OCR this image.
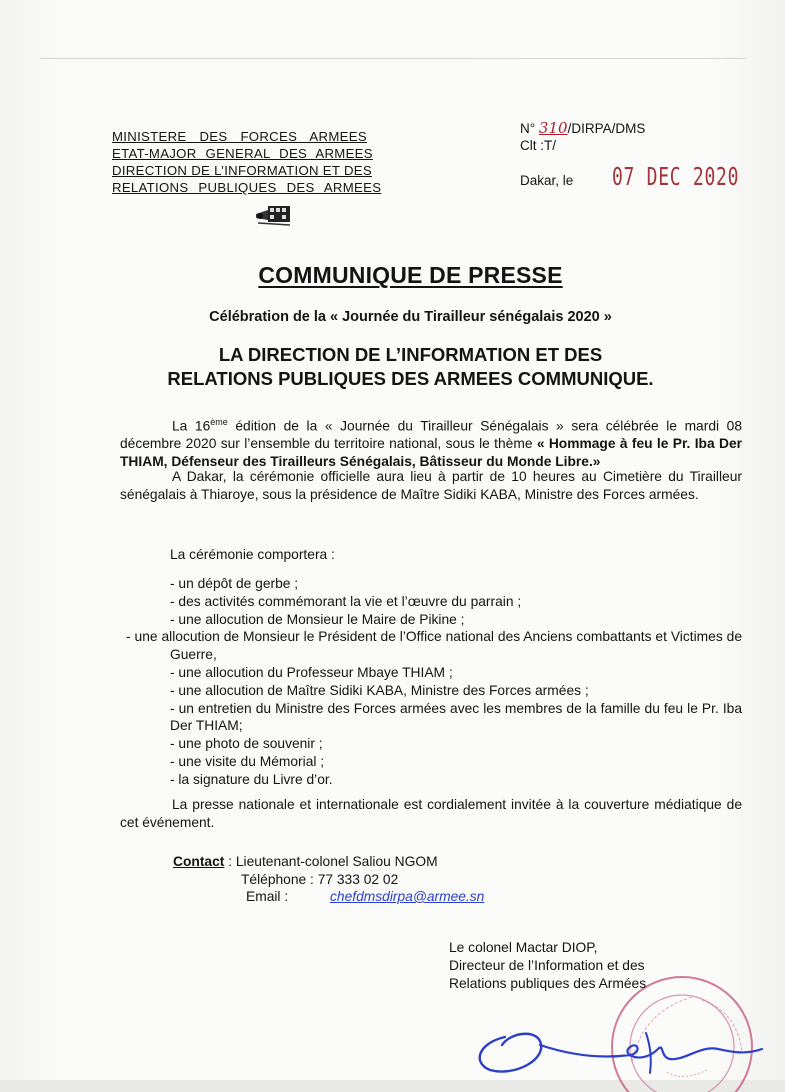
MINISTERE DES FORCES ARMEES

ETAT-MAJOR GENERAL DES ARMEES

DIRECTION DE L’INFORMATION ET DES

RELATIONS PUBLIQUES DES ARMEES

N° 310/DIRPA/DMS
Clt :T/
Dakar, le 07 DEC 2020
COMMUNIQUE DE PRESSE
Célébration de la « Journée du Tirailleur sénégalais 2020 »
LA DIRECTION DE L’INFORMATION ET DES
RELATIONS PUBLIQUES DES ARMEES COMMUNIQUE.
La 16ème édition de la « Journée du Tirailleur Sénégalais » sera célébrée le mardi 08 décembre 2020 sur l’ensemble du territoire national, sous le thème « Hommage à feu le Pr. Iba Der THIAM, Défenseur des Tirailleurs Sénégalais, Bâtisseur du Monde Libre.»
A Dakar, la cérémonie officielle aura lieu à partir de 10 heures au Cimetière du Tirailleur sénégalais à Thiaroye, sous la présidence de Maître Sidiki KABA, Ministre des Forces armées.
La cérémonie comportera :
- un dépôt de gerbe ;
- des activités commémorant la vie et l’œuvre du parrain ;
- une allocution de Monsieur le Maire de Pikine ;
- une allocution de Monsieur le Président de l’Office national des Anciens combattants et Victimes de Guerre,
- une allocution du Professeur Mbaye THIAM ;
- une allocution de Maître Sidiki KABA, Ministre des Forces armées ;
- un entretien du Ministre des Forces armées avec les membres de la famille du feu le Pr. Iba Der THIAM;
- une photo de souvenir ;
- une visite du Mémorial ;
- la signature du Livre d’or.
La presse nationale et internationale est cordialement invitée à la couverture médiatique de cet événement.
Contact : Lieutenant-colonel Saliou NGOM
Téléphone : 77 333 02 02
Email :	chefdmsdirpa@armee.sn
Le colonel Mactar DIOP,
Directeur de l’Information et des
Relations publiques des Armées
